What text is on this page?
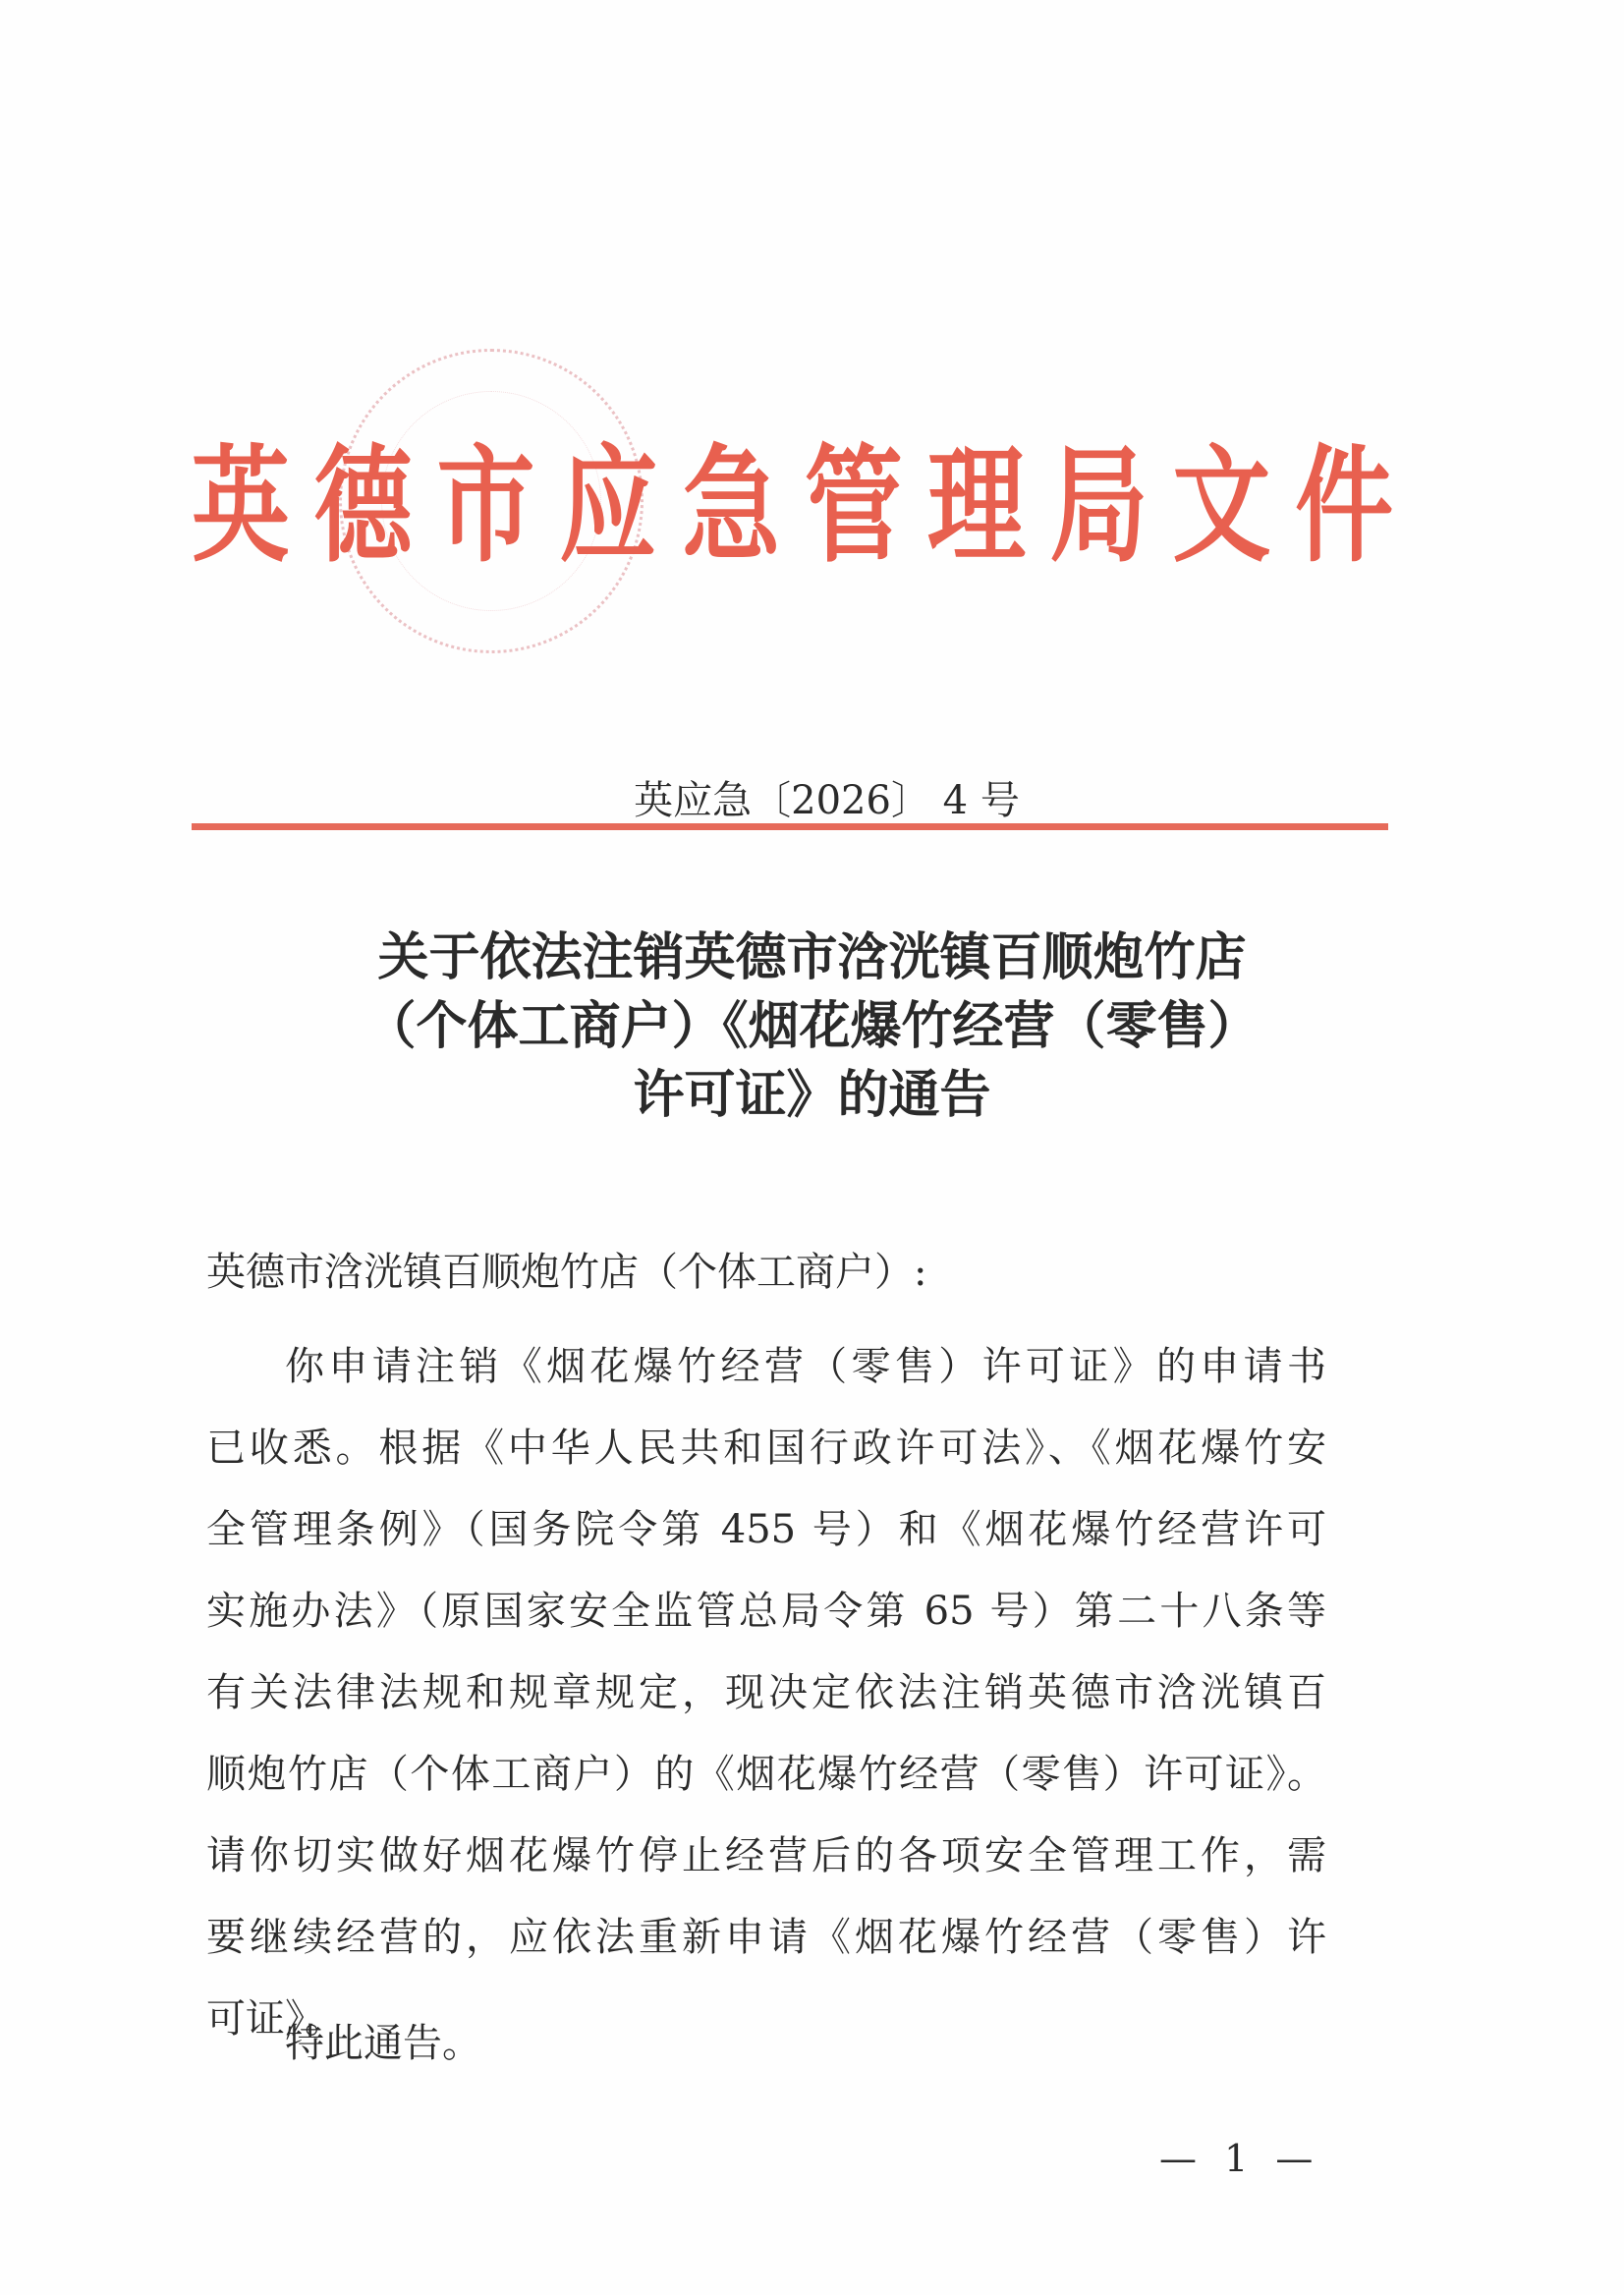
英 德 市 应 急 管 理 局 文 件
英应急〔2026〕 4 号
关于依法注销英德市浛洸镇百顺炮竹店
（个体工商户）《烟花爆竹经营（零售）
许可证》的通告
英德市浛洸镇百顺炮竹店（个体工商户）:
你申请注销《烟花爆竹经营（零售）许可证》的申请书
已收悉。根据《中华人民共和国行政许可法》、《烟花爆竹安
全管理条例》（国务院令第 455 号）和《烟花爆竹经营许可
实施办法》（原国家安全监管总局令第 65 号）第二十八条等
有关法律法规和规章规定，现决定依法注销英德市浛洸镇百
顺炮竹店（个体工商户）的《烟花爆竹经营（零售）许可证》。
请你切实做好烟花爆竹停止经营后的各项安全管理工作，需
要继续经营的，应依法重新申请《烟花爆竹经营（零售）许
可证》。
特此通告。
— 1 —
